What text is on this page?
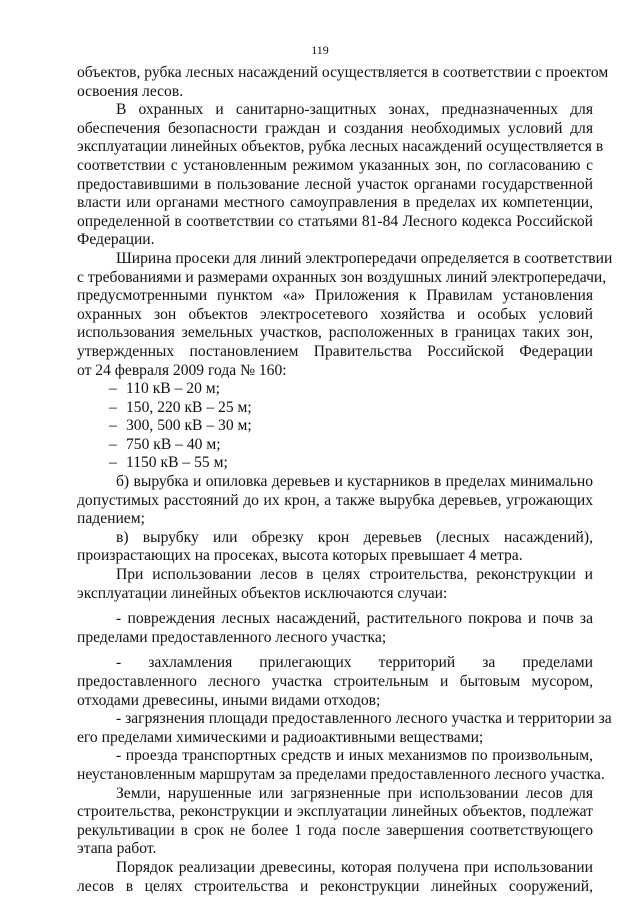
119
объектов, рубка лесных насаждений осуществляется в соответствии с проектом
освоения лесов.
В охранных и санитарно-защитных зонах, предназначенных для
обеспечения безопасности граждан и создания необходимых условий для
эксплуатации линейных объектов, рубка лесных насаждений осуществляется в
соответствии с установленным режимом указанных зон, по согласованию с
предоставившими в пользование лесной участок органами государственной
власти или органами местного самоуправления в пределах их компетенции,
определенной в соответствии со статьями 81-84 Лесного кодекса Российской
Федерации.
Ширина просеки для линий электропередачи определяется в соответствии
с требованиями и размерами охранных зон воздушных линий электропередачи,
предусмотренными пунктом «а» Приложения к Правилам установления
охранных зон объектов электросетевого хозяйства и особых условий
использования земельных участков, расположенных в границах таких зон,
утвержденных постановлением Правительства Российской Федерации
от 24 февраля 2009 года № 160:
– 110 кВ – 20 м;
– 150, 220 кВ – 25 м;
– 300, 500 кВ – 30 м;
– 750 кВ – 40 м;
– 1150 кВ – 55 м;
б) вырубка и опиловка деревьев и кустарников в пределах минимально
допустимых расстояний до их крон, а также вырубка деревьев, угрожающих
падением;
в) вырубку или обрезку крон деревьев (лесных насаждений),
произрастающих на просеках, высота которых превышает 4 метра.
При использовании лесов в целях строительства, реконструкции и
эксплуатации линейных объектов исключаются случаи:
- повреждения лесных насаждений, растительного покрова и почв за
пределами предоставленного лесного участка;
- захламления прилегающих территорий за пределами
предоставленного лесного участка строительным и бытовым мусором,
отходами древесины, иными видами отходов;
- загрязнения площади предоставленного лесного участка и территории за
его пределами химическими и радиоактивными веществами;
- проезда транспортных средств и иных механизмов по произвольным,
неустановленным маршрутам за пределами предоставленного лесного участка.
Земли, нарушенные или загрязненные при использовании лесов для
строительства, реконструкции и эксплуатации линейных объектов, подлежат
рекультивации в срок не более 1 года после завершения соответствующего
этапа работ.
Порядок реализации древесины, которая получена при использовании
лесов в целях строительства и реконструкции линейных сооружений,
